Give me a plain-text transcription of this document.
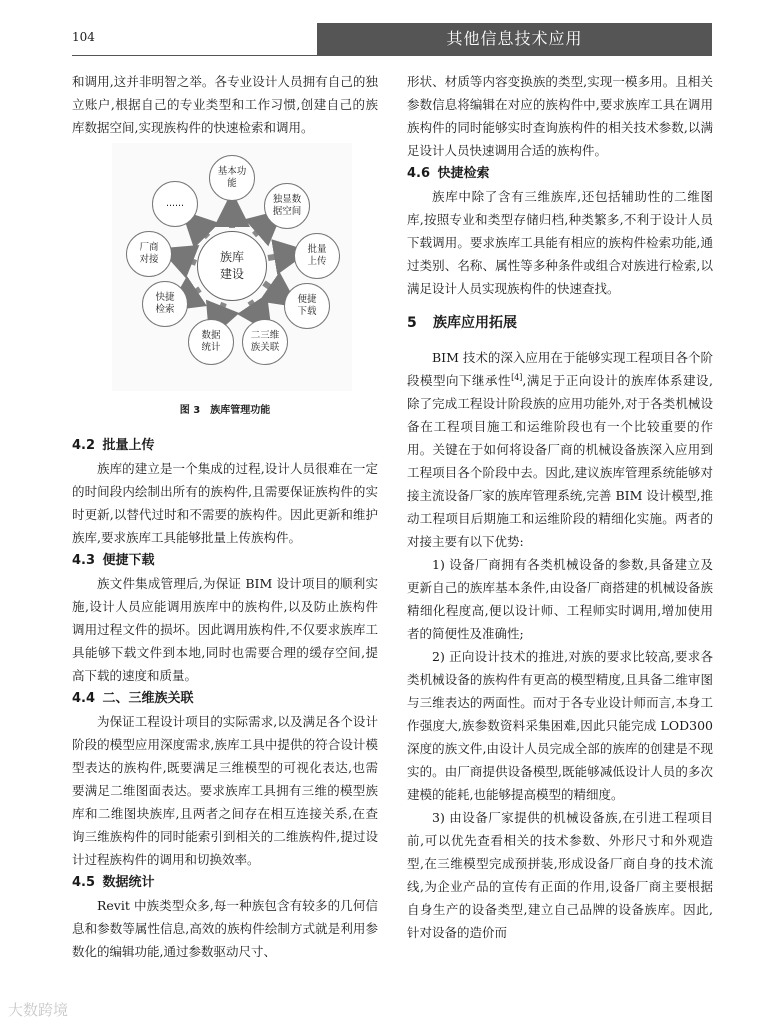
104	其他信息技术应用

和调用,这并非明智之举。各专业设计人员拥有自己的独立账户,根据自己的专业类型和工作习惯,创建自己的族库数据空间,实现族构件的快速检索和调用。

族库
建设
基本功
能
独显数
据空间
批量
上传
便捷
下载
二三维
族关联
数据
统计
快捷
检索
厂商
对接
......
图 3 族库管理功能
4.2 批量上传

族库的建立是一个集成的过程,设计人员很难在一定的时间段内绘制出所有的族构件,且需要保证族构件的实时更新,以替代过时和不需要的族构件。因此更新和维护族库,要求族库工具能够批量上传族构件。

4.3 便捷下载

族文件集成管理后,为保证 BIM 设计项目的顺利实施,设计人员应能调用族库中的族构件,以及防止族构件调用过程文件的损坏。因此调用族构件,不仅要求族库工具能够下载文件到本地,同时也需要合理的缓存空间,提高下载的速度和质量。

4.4 二、三维族关联

为保证工程设计项目的实际需求,以及满足各个设计阶段的模型应用深度需求,族库工具中提供的符合设计模型表达的族构件,既要满足三维模型的可视化表达,也需要满足二维图面表达。要求族库工具拥有三维的模型族库和二维图块族库,且两者之间存在相互连接关系,在查询三维族构件的同时能索引到相关的二维族构件,提过设计过程族构件的调用和切换效率。

4.5 数据统计

Revit 中族类型众多,每一种族包含有较多的几何信息和参数等属性信息,高效的族构件绘制方式就是利用参数化的编辑功能,通过参数驱动尺寸、

形状、材质等内容变换族的类型,实现一模多用。且相关参数信息将编辑在对应的族构件中,要求族库工具在调用族构件的同时能够实时查询族构件的相关技术参数,以满足设计人员快速调用合适的族构件。

4.6 快捷检索

族库中除了含有三维族库,还包括辅助性的二维图库,按照专业和类型存储归档,种类繁多,不利于设计人员下载调用。要求族库工具能有相应的族构件检索功能,通过类别、名称、属性等多种条件或组合对族进行检索,以满足设计人员实现族构件的快速查找。

5 族库应用拓展

BIM 技术的深入应用在于能够实现工程项目各个阶段模型向下继承性[4],满足于正向设计的族库体系建设,除了完成工程设计阶段族的应用功能外,对于各类机械设备在工程项目施工和运维阶段也有一个比较重要的作用。关键在于如何将设备厂商的机械设备族深入应用到工程项目各个阶段中去。因此,建议族库管理系统能够对接主流设备厂家的族库管理系统,完善 BIM 设计模型,推动工程项目后期施工和运维阶段的精细化实施。两者的对接主要有以下优势:

1) 设备厂商拥有各类机械设备的参数,具备建立及更新自己的族库基本条件,由设备厂商搭建的机械设备族精细化程度高,便以设计师、工程师实时调用,增加使用者的简便性及准确性;

2) 正向设计技术的推进,对族的要求比较高,要求各类机械设备的族构件有更高的模型精度,且具备二维审图与三维表达的两面性。而对于各专业设计师而言,本身工作强度大,族参数资料采集困难,因此只能完成 LOD300 深度的族文件,由设计人员完成全部的族库的创建是不现实的。由厂商提供设备模型,既能够减低设计人员的多次建模的能耗,也能够提高模型的精细度。

3) 由设备厂家提供的机械设备族,在引进工程项目前,可以优先查看相关的技术参数、外形尺寸和外观造型,在三维模型完成预拼装,形成设备厂商自身的技术流线,为企业产品的宣传有正面的作用,设备厂商主要根据自身生产的设备类型,建立自己品牌的设备族库。因此,针对设备的造价而

大数跨境
